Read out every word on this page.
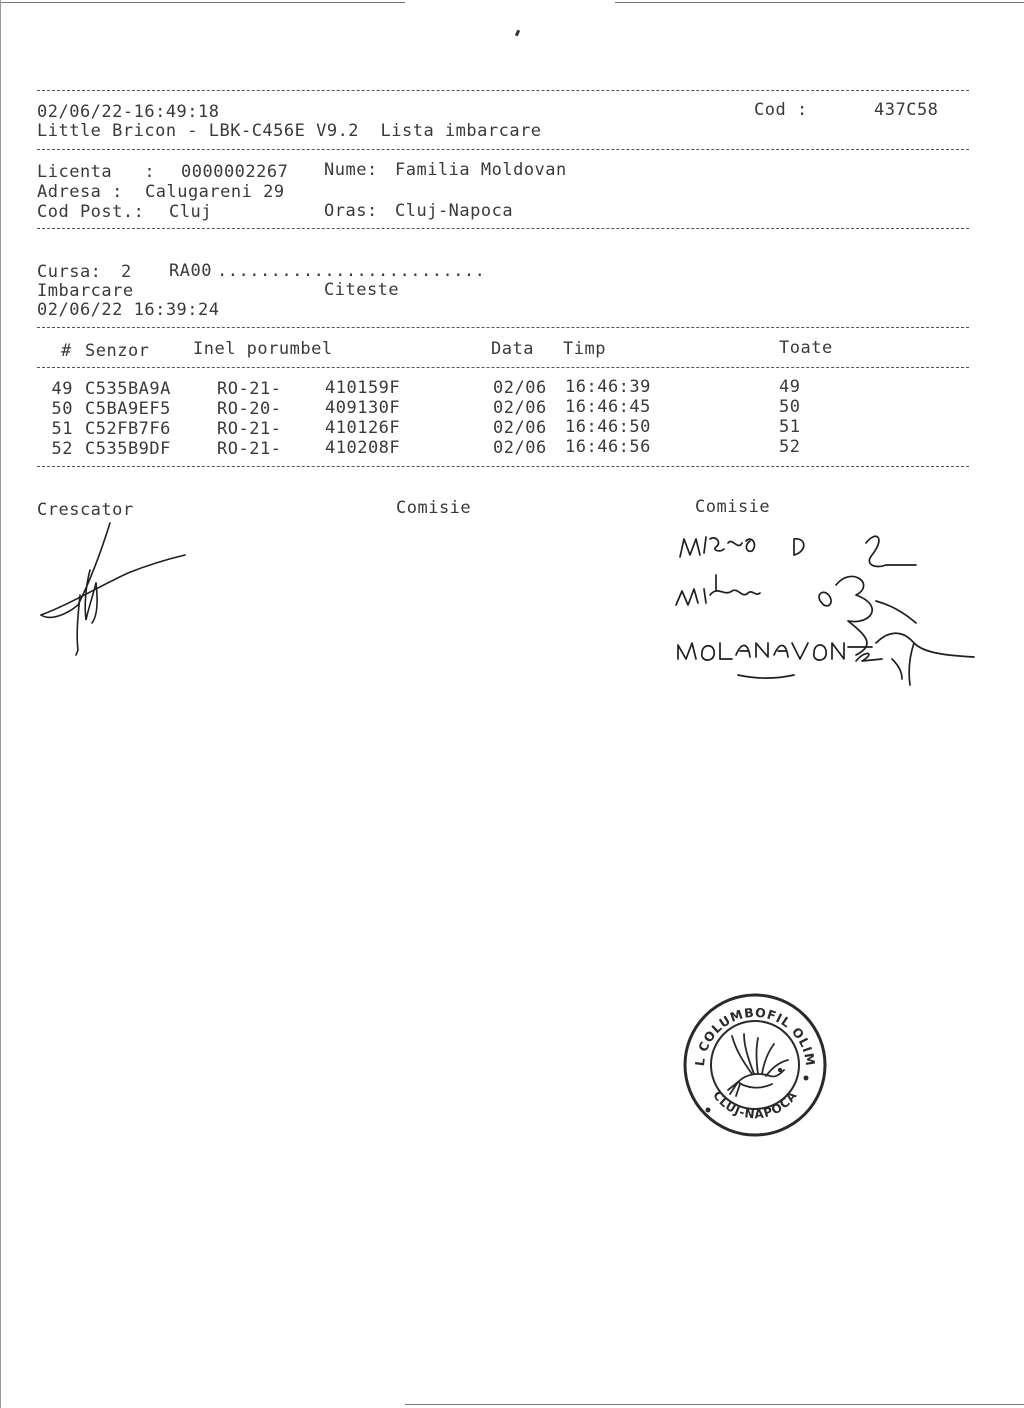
02/06/22-16:49:18	Cod :	437C58
Little Bricon - LBK-C456E V9.2  Lista imbarcare
Licenta   : 0000002267 Nume: Familia Moldovan
Adresa : Calugareni 29
Cod Post.: Cluj	Oras: Cluj-Napoca
Cursa: 2 RA00 .........................
Imbarcare	Citeste
02/06/22 16:39:24
# Senzor	Inel porumbel	Data Timp	Toate
49 C535BA9A	RO-21-	410159F	02/06 16:46:39	49
50 C5BA9EF5	RO-20-	409130F	02/06 16:46:45	50
51 C52FB7F6	RO-21-	410126F	02/06 16:46:50	51
52 C535B9DF	RO-21-	410208F	02/06 16:46:56	52
Crescator	Comisie	Comisie
CLUBUL COLUMBOFIL OLIMPIA 04
CLUJ-NAPOCA
